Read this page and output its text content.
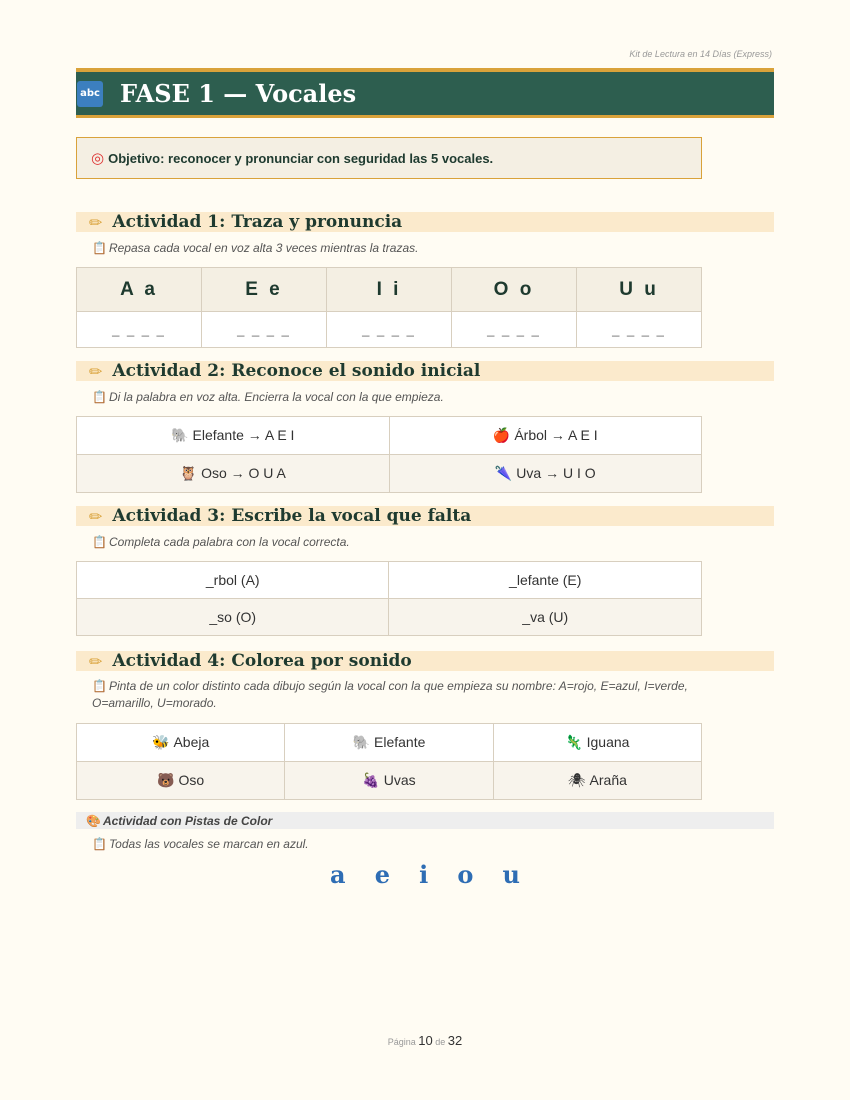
Kit de Lectura en 14 Días (Express)
abc FASE 1 — Vocales
◎ Objetivo: reconocer y pronunciar con seguridad las 5 vocales.
✏ Actividad 1: Traza y pronuncia
📋 Repasa cada vocal en voz alta 3 veces mientras la trazas.
A a	E e	I i	O o	U u
_ _ _ _	_ _ _ _	_ _ _ _	_ _ _ _	_ _ _ _
✏ Actividad 2: Reconoce el sonido inicial
📋 Di la palabra en voz alta. Encierra la vocal con la que empieza.
🐘 Elefante → A E I	🍎 Árbol → A E I
🦉 Oso → O U A	🌂 Uva → U I O
✏ Actividad 3: Escribe la vocal que falta
📋 Completa cada palabra con la vocal correcta.
_rbol (A)	_lefante (E)
_so (O)	_va (U)
✏ Actividad 4: Colorea por sonido
📋 Pinta de un color distinto cada dibujo según la vocal con la que empieza su nombre: A=rojo, E=azul, I=verde, O=amarillo, U=morado.
🐝 Abeja	🐘 Elefante	🦎 Iguana
🐻 Oso	🍇 Uvas	🕷 Araña
🎨 Actividad con Pistas de Color
📋 Todas las vocales se marcan en azul.
a e i o u
Página 10 de 32
